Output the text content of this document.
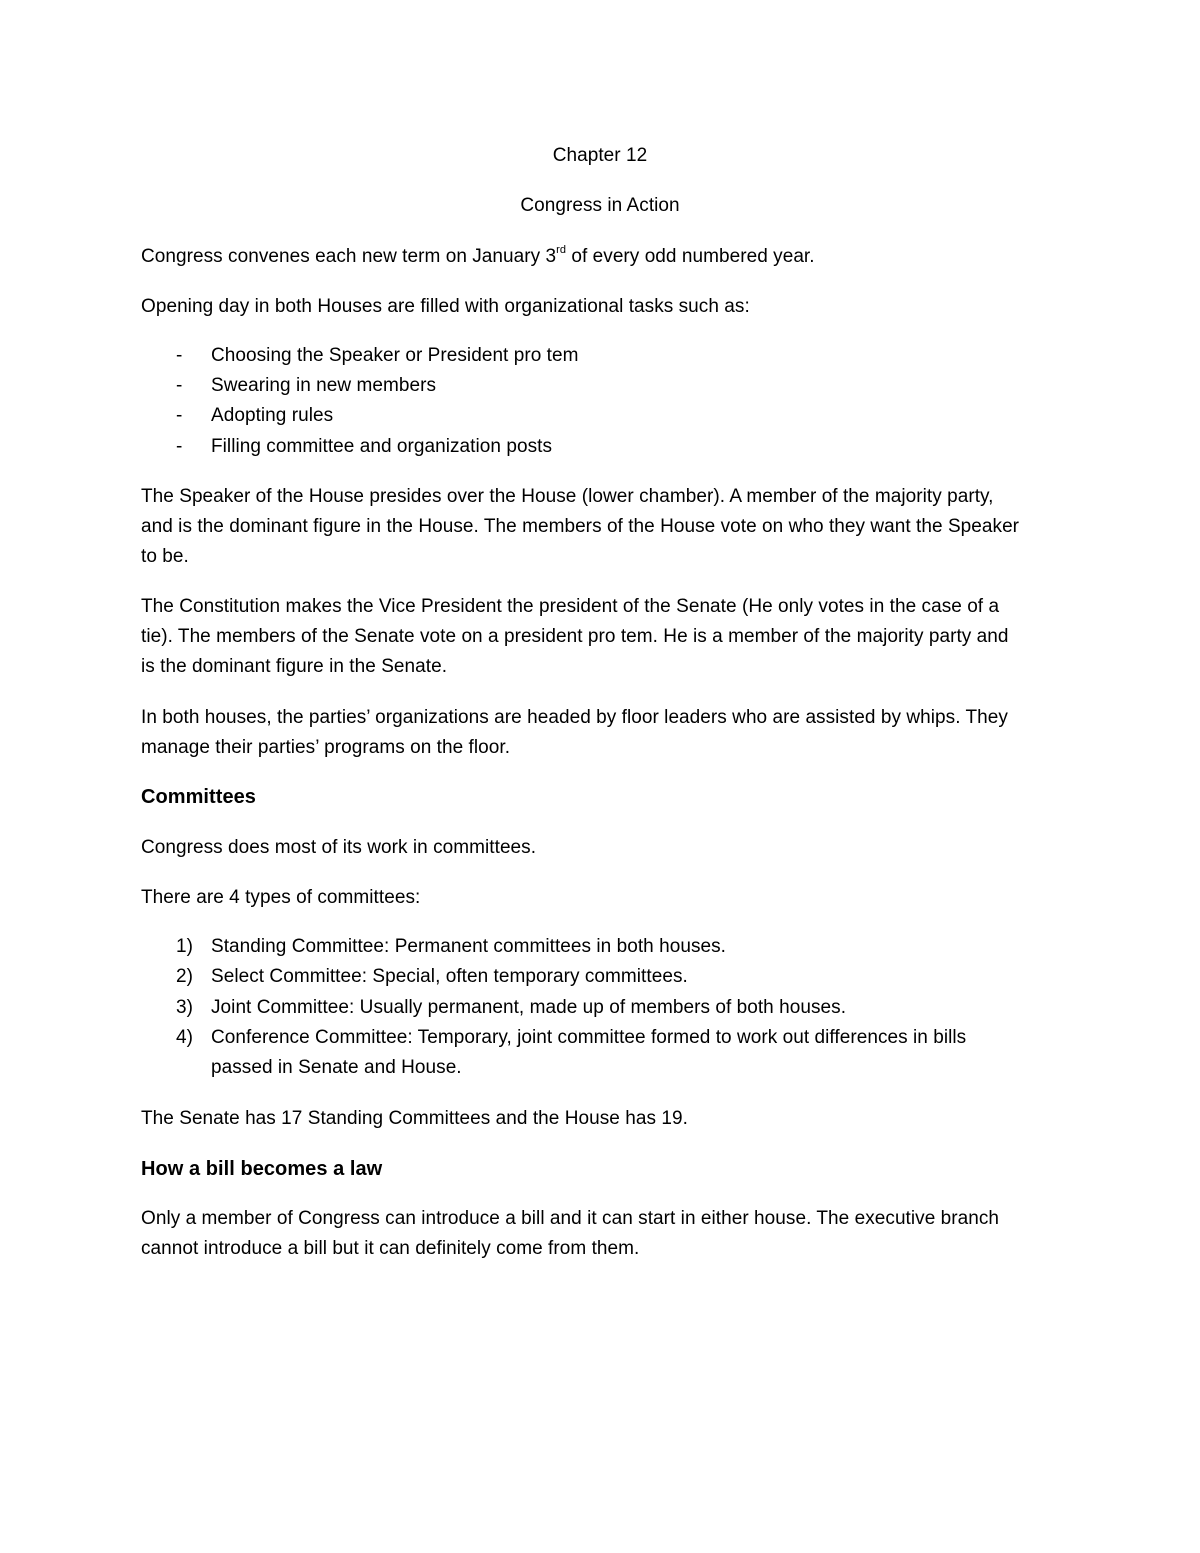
Chapter 12
Congress in Action
Congress convenes each new term on January 3rd of every odd numbered year.
Opening day in both Houses are filled with organizational tasks such as:
- Choosing the Speaker or President pro tem
- Swearing in new members
- Adopting rules
- Filling committee and organization posts
The Speaker of the House presides over the House (lower chamber). A member of the majority party,
and is the dominant figure in the House. The members of the House vote on who they want the Speaker
to be.
The Constitution makes the Vice President the president of the Senate (He only votes in the case of a
tie). The members of the Senate vote on a president pro tem. He is a member of the majority party and
is the dominant figure in the Senate.
In both houses, the parties’ organizations are headed by floor leaders who are assisted by whips. They
manage their parties’ programs on the floor.
Committees
Congress does most of its work in committees.
There are 4 types of committees:
1) Standing Committee: Permanent committees in both houses.
2) Select Committee: Special, often temporary committees.
3) Joint Committee: Usually permanent, made up of members of both houses.
4) Conference Committee: Temporary, joint committee formed to work out differences in bills
passed in Senate and House.
The Senate has 17 Standing Committees and the House has 19.
How a bill becomes a law
Only a member of Congress can introduce a bill and it can start in either house. The executive branch
cannot introduce a bill but it can definitely come from them.
